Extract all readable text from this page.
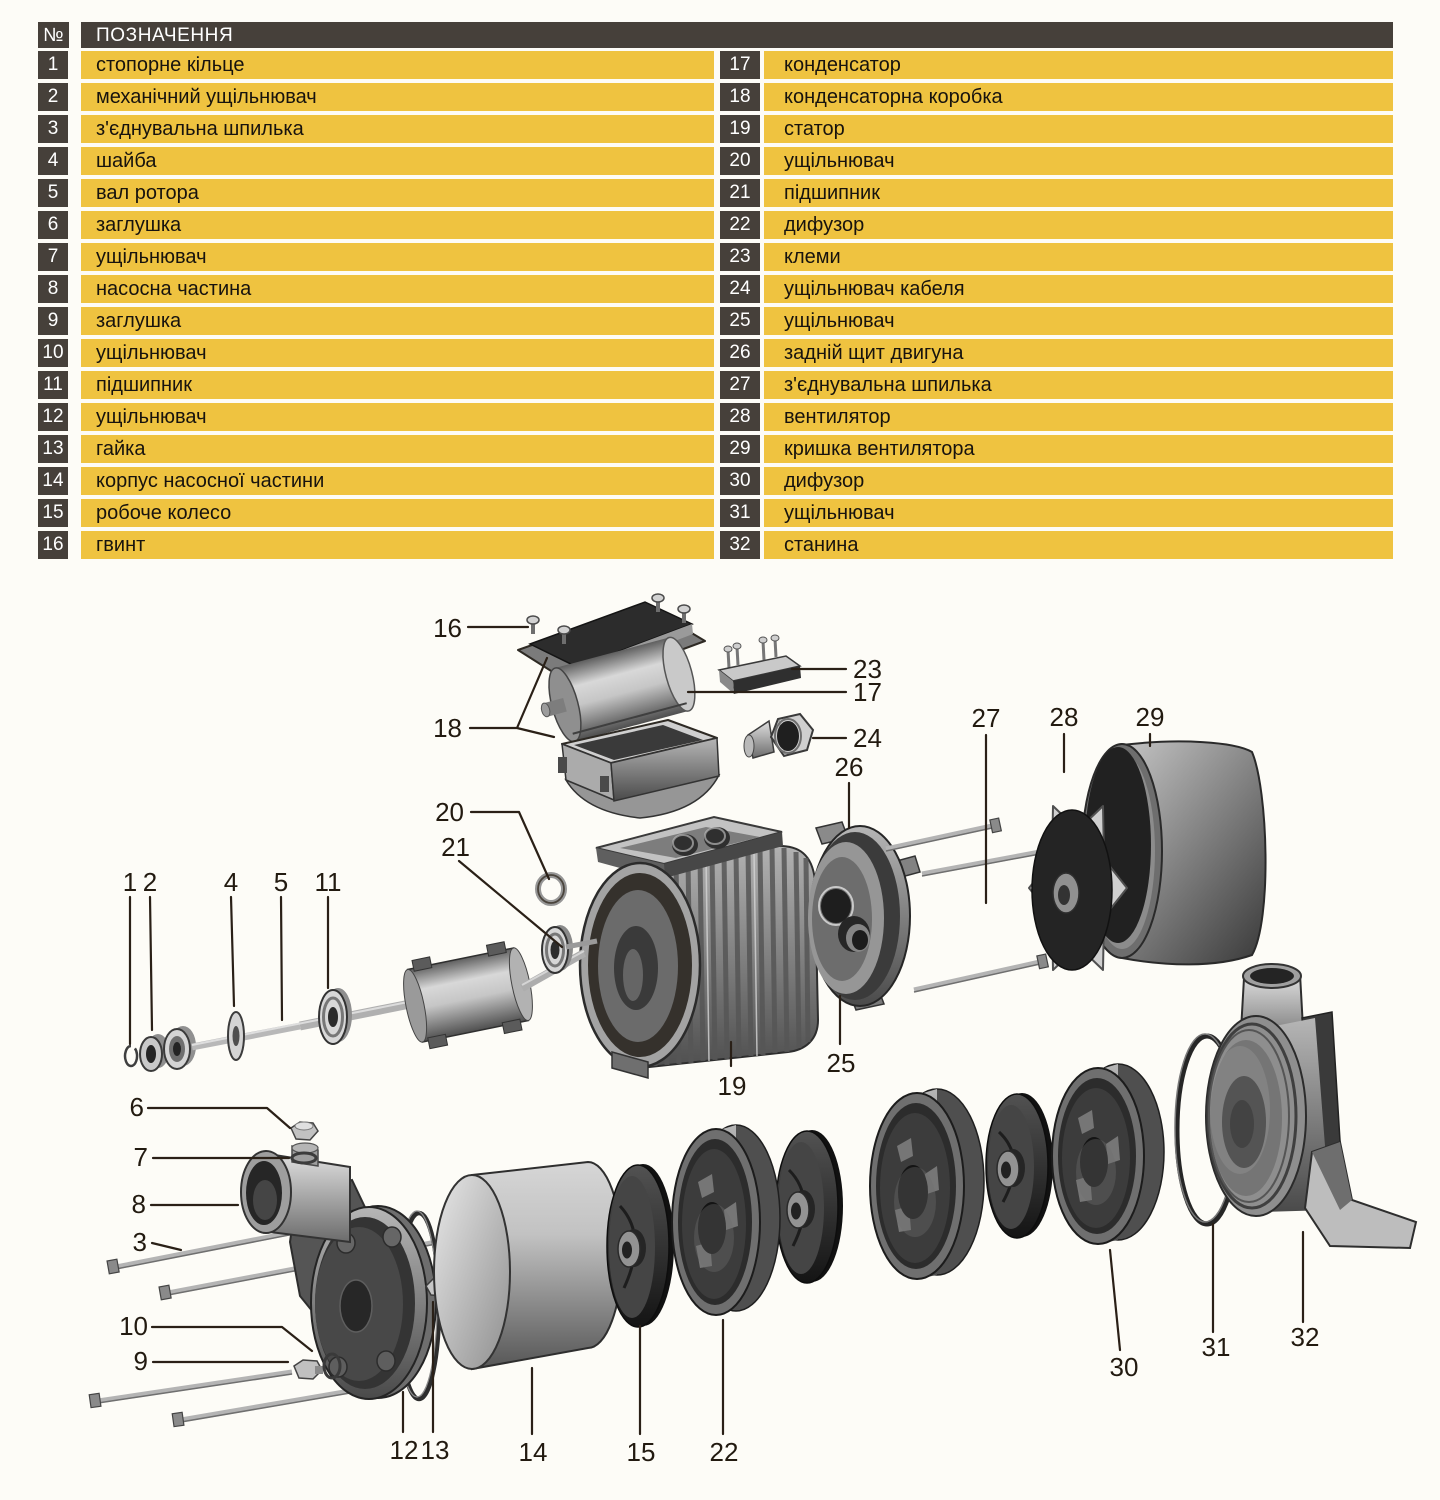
№	ПОЗНАЧЕННЯ
1	стопорне кільце
2	механічний ущільнювач
3	з'єднувальна шпилька
4	шайба
5	вал ротора
6	заглушка
7	ущільнювач
8	насосна частина
9	заглушка
10	ущільнювач
11	підшипник
12	ущільнювач
13	гайка
14	корпус насосної частини
15	робоче колесо
16	гвинт
17	конденсатор
18	конденсаторна коробка
19	статор
20	ущільнювач
21	підшипник
22	дифузор
23	клеми
24	ущільнювач кабеля
25	ущільнювач
26	задній щит двигуна
27	з'єднувальна шпилька
28	вентилятор
29	кришка вентилятора
30	дифузор
31	ущільнювач
32	станина
16
18
23
17
24
26
27 28 29
20
21
1 2	4 5 11
19
25
6
7
8
3
10
9
12 13	14	15 22
30
31 32
